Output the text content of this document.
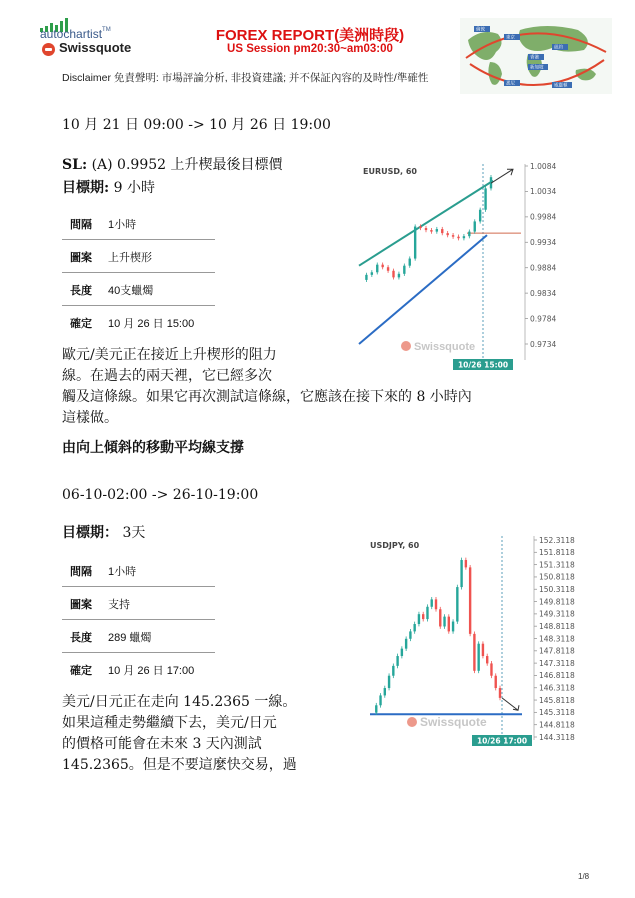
autochartist™
Swissquote
FOREX REPORT(美洲時段)
US Session pm20:30~am03:00
倫敦
東京
紐約
香港
新加坡
悉尼	威靈頓
Disclaimer 免責聲明: 市場評論分析, 非投資建議; 并不保証內容的及時性/準確性
10 月 21 日 09:00 -> 10 月 26 日 19:00
SL: (A) 0.9952 上升楔最後目標價
目標期: 9 小時
間隔 1小時
圖案 上升楔形
長度 40支蠟燭
確定 10 月 26 日 15:00
歐元/美元正在接近上升楔形的阻力
線。在過去的兩天裡，它已經多次
觸及這條線。如果它再次測試這條線，它應該在接下來的 8 小時內
這樣做。
由向上傾斜的移動平均線支撐
EURUSD, 60
1.0084
1.0034
0.9984
0.9934
0.9884
0.9834
0.9784
0.9734
Swissquote
10/26 15:00
06-10-02:00 -> 26-10-19:00
目標期： 3天
間隔 1小時
圖案 支持
長度 289 蠟燭
確定 10 月 26 日 17:00
美元/日元正在走向 145.2365 一線。
如果這種走勢繼續下去，美元/日元
的價格可能會在未來 3 天內測試
145.2365。但是不要這麼快交易，過
USDJPY, 60
152.3118
151.8118
151.3118
150.8118
150.3118
149.8118
149.3118
148.8118
148.3118
147.8118
147.3118
146.8118
146.3118
145.8118
145.3118
144.8118
144.3118
Swissquote
10/26 17:00
1/8
